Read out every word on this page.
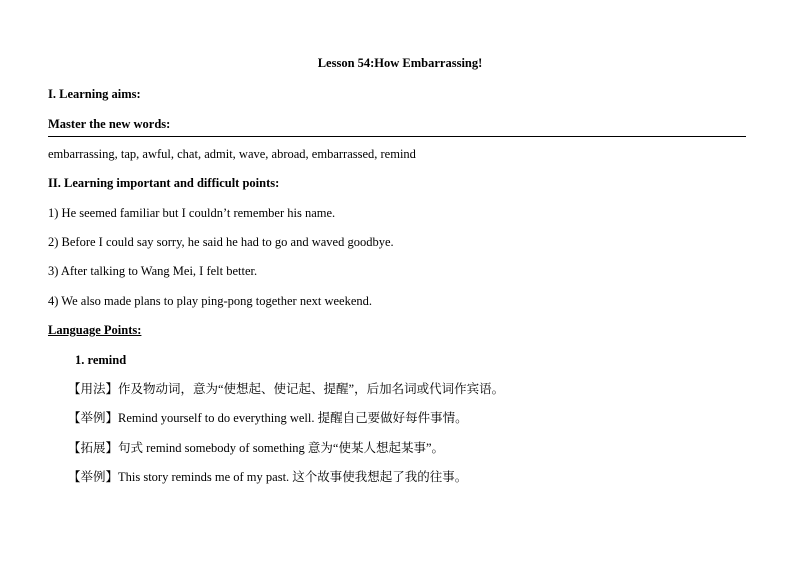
Lesson 54:How Embarrassing!
I. Learning aims:
Master the new words:
embarrassing, tap, awful, chat, admit, wave, abroad, embarrassed, remind
II. Learning important and difficult points:
1) He seemed familiar but I couldn’t remember his name.
2) Before I could say sorry, he said he had to go and waved goodbye.
3) After talking to Wang Mei, I felt better.
4) We also made plans to play ping-pong together next weekend.
Language Points:
1. remind
【用法】作及物动词，意为“使想起、使记起、提醒”，后加名词或代词作宾语。
【举例】Remind yourself to do everything well. 提醒自己要做好每件事情。
【拓展】句式 remind somebody of something 意为“使某人想起某事”。
【举例】This story reminds me of my past. 这个故事使我想起了我的往事。
